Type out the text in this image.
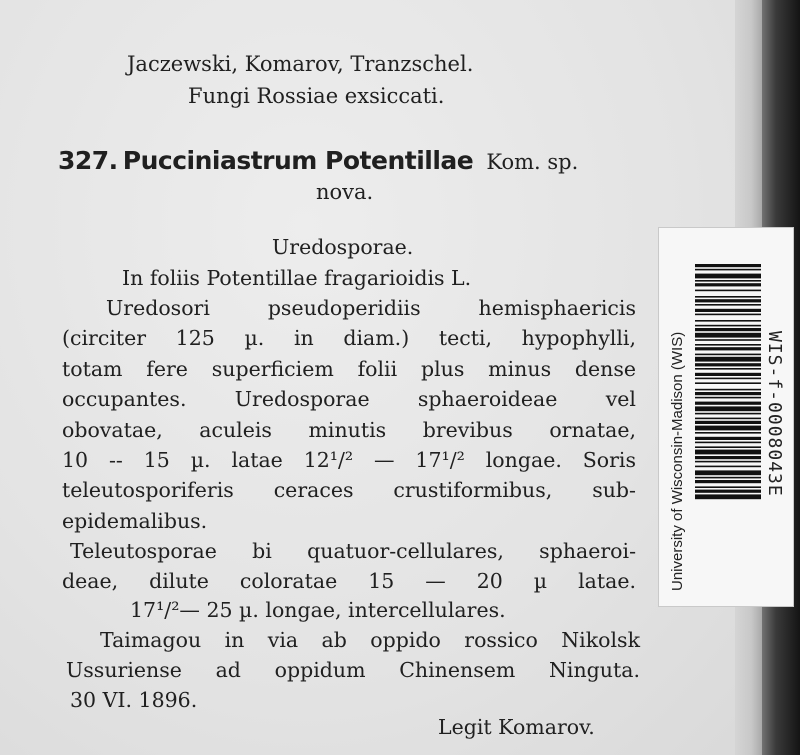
Jaczewski, Komarov, Tranzschel.
Fungi Rossiae exsiccati.
327. Pucciniastrum Potentillae Kom. sp.
nova.
Uredosporae.
In foliis Potentillae fragarioidis L.
Uredosori pseudoperidiis hemisphaericis
(circiter 125 µ. in diam.) tecti, hypophylli,
totam fere superficiem folii plus minus dense
occupantes. Uredosporae sphaeroideae vel
obovatae, aculeis minutis brevibus ornatae,
10 -- 15 µ. latae 12¹/² — 17¹/² longae. Soris
teleutosporiferis ceraces crustiformibus, sub-
epidemalibus.
Teleutosporae bi quatuor-cellulares, sphaeroi-
deae, dilute coloratae 15 — 20 µ latae.
17¹/²— 25 µ. longae, intercellulares.
Taimagou in via ab oppido rossico Nikolsk
Ussuriense ad oppidum Chinensem Ninguta.
30 VI. 1896.
Legit Komarov.
University of Wisconsin-Madison (WIS)	WIS-f-0008043E
